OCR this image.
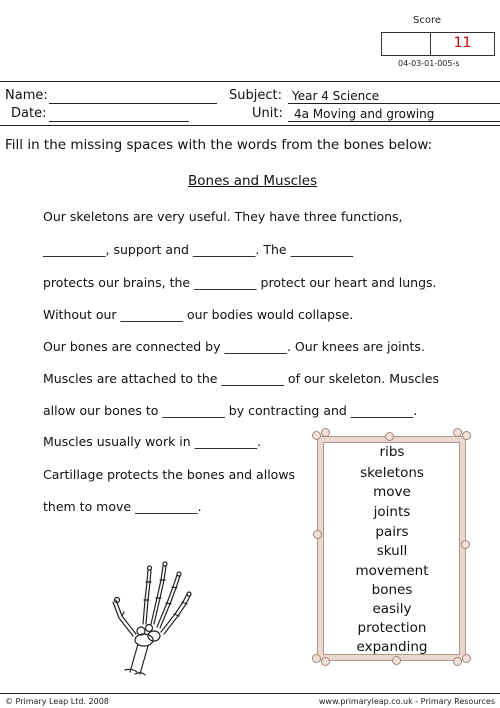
Score
11
04-03-01-005-s
Name:
Date:
Subject: Year 4 Science
Unit: 4a Moving and growing
Fill in the missing spaces with the words from the bones below:
Bones and Muscles
Our skeletons are very useful. They have three functions,
__________, support and __________. The __________
protects our brains, the __________ protect our heart and lungs.
Without our __________ our bodies would collapse.
Our bones are connected by __________. Our knees are joints.
Muscles are attached to the __________ of our skeleton. Muscles
allow our bones to __________ by contracting and __________.
Muscles usually work in __________.
Cartillage protects the bones and allows
them to move __________.
ribs
skeletons
move
joints
pairs
skull
movement
bones
easily
protection
expanding
© Primary Leap Ltd. 2008	www.primaryleap.co.uk - Primary Resources
